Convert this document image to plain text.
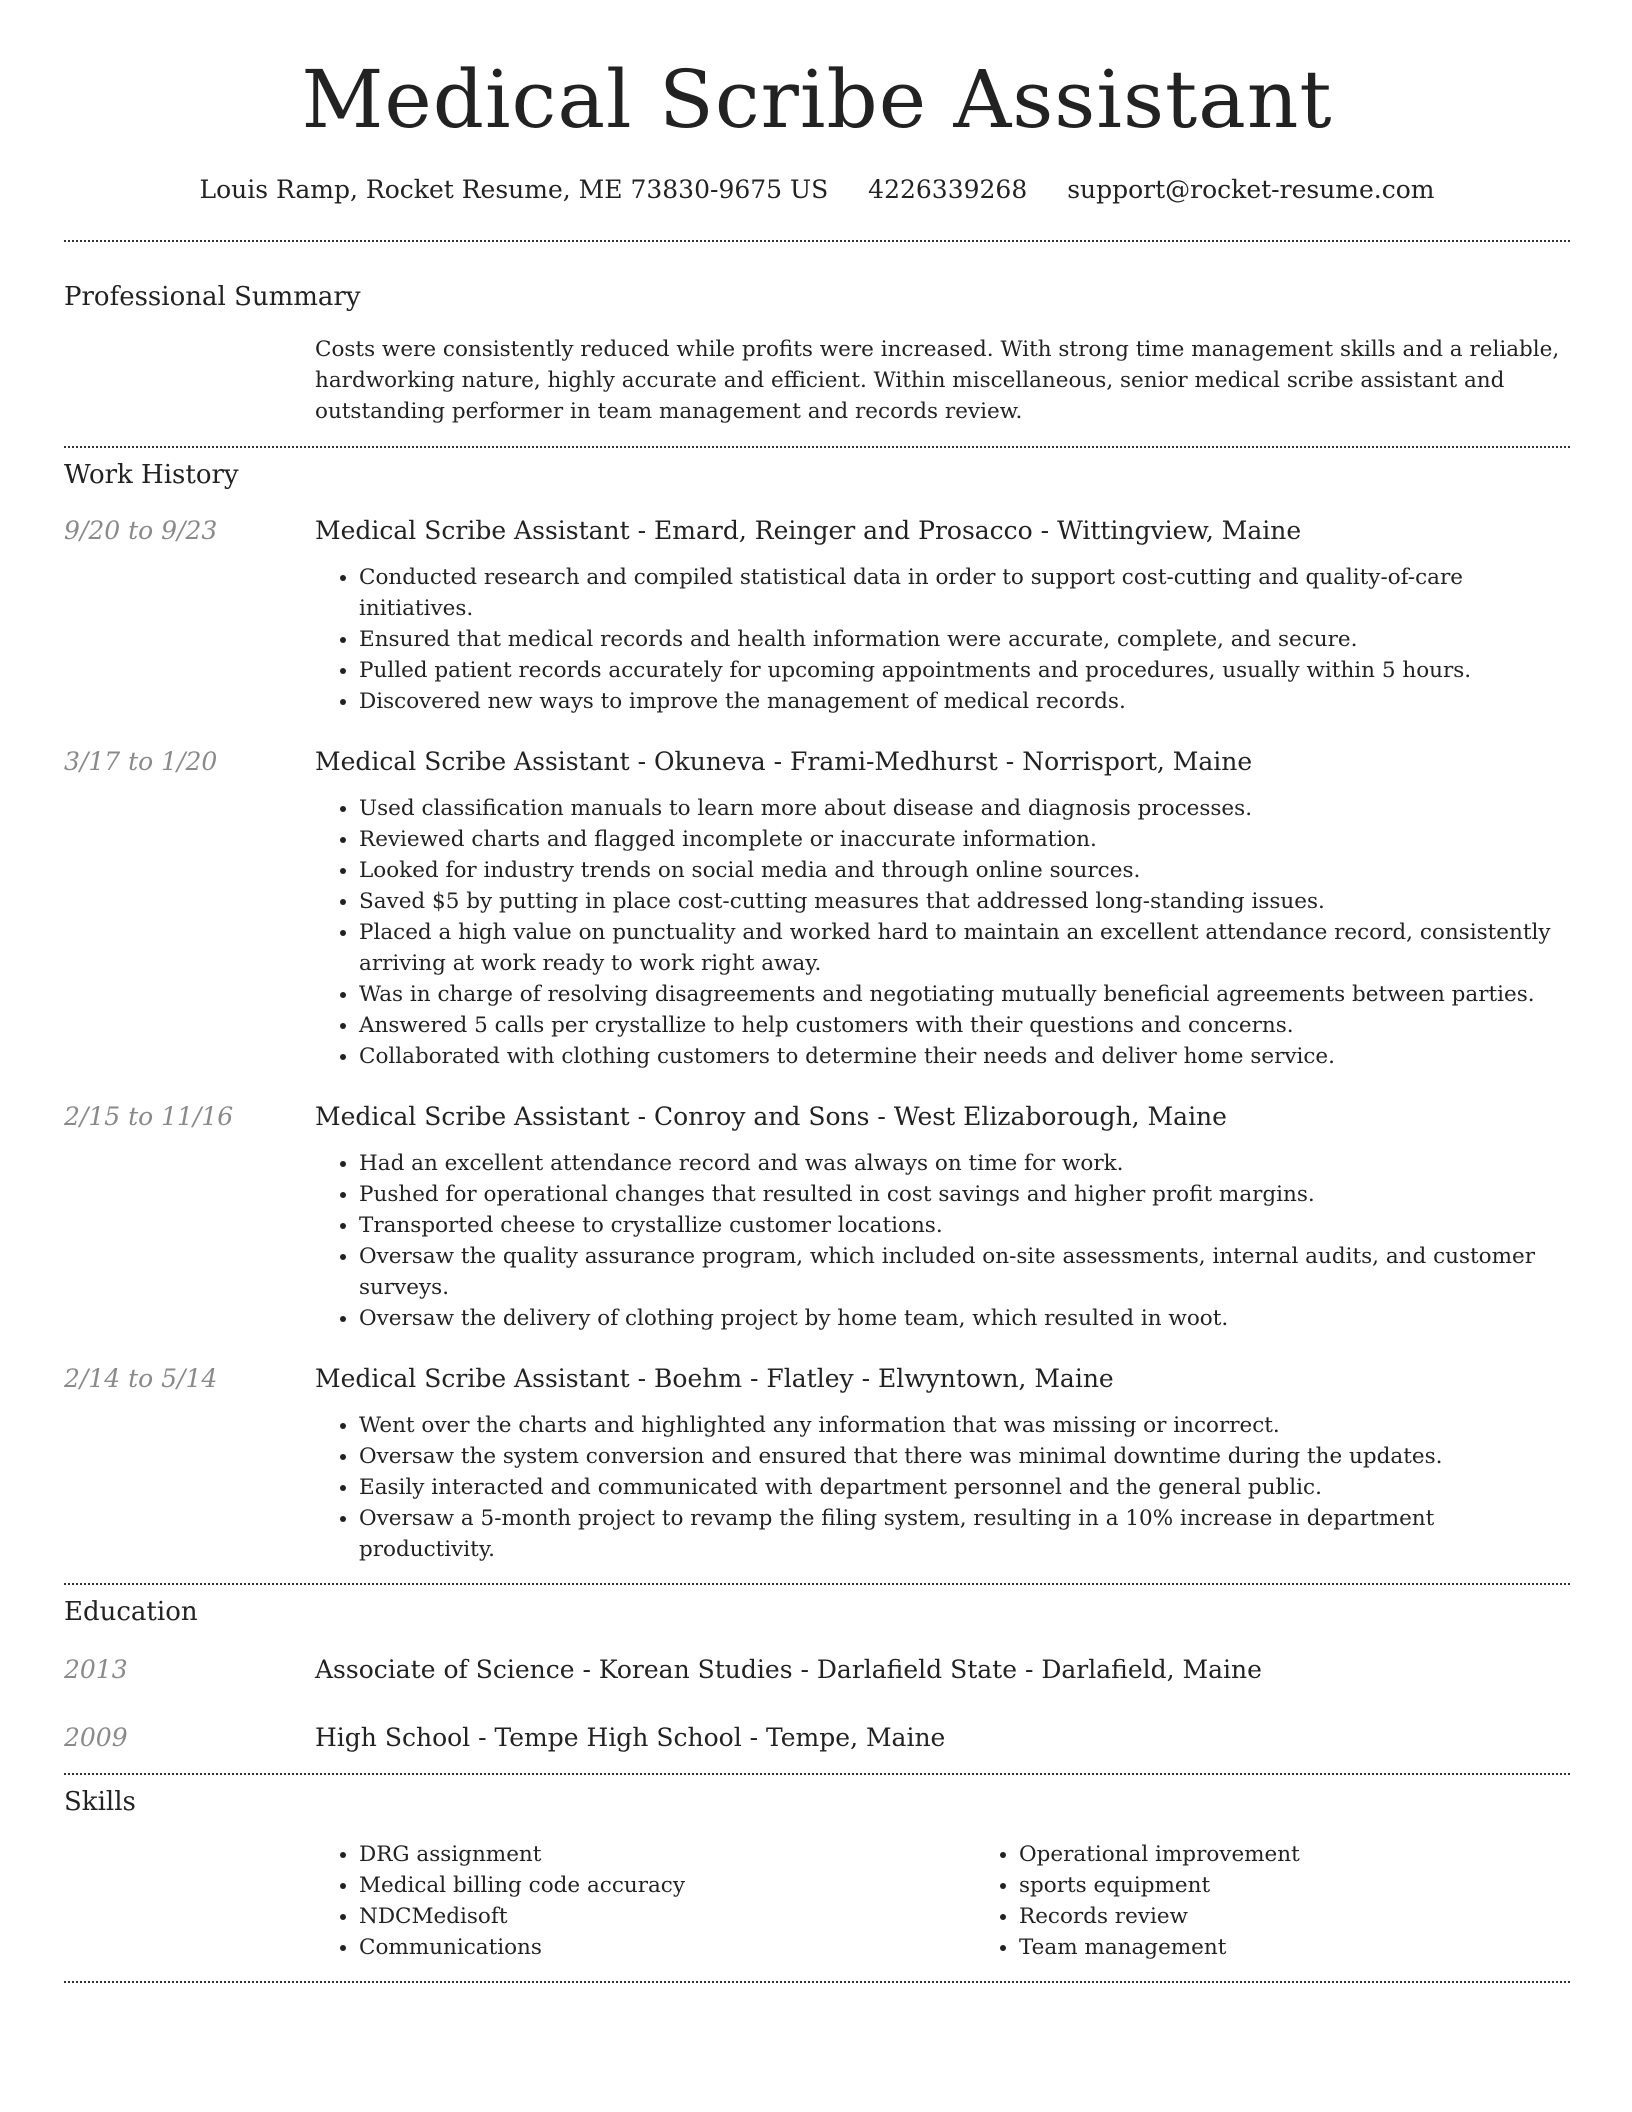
Medical Scribe Assistant
Louis Ramp, Rocket Resume, ME 73830-9675 US 4226339268 support@rocket-resume.com
Professional Summary
Costs were consistently reduced while profits were increased. With strong time management skills and a reliable, hardworking nature, highly accurate and efficient. Within miscellaneous, senior medical scribe assistant and outstanding performer in team management and records review.
Work History
9/20 to 9/23	Medical Scribe Assistant - Emard, Reinger and Prosacco - Wittingview, Maine
• Conducted research and compiled statistical data in order to support cost-cutting and quality-of-care initiatives.
• Ensured that medical records and health information were accurate, complete, and secure.
• Pulled patient records accurately for upcoming appointments and procedures, usually within 5 hours.
• Discovered new ways to improve the management of medical records.
3/17 to 1/20	Medical Scribe Assistant - Okuneva - Frami-Medhurst - Norrisport, Maine
• Used classification manuals to learn more about disease and diagnosis processes.
• Reviewed charts and flagged incomplete or inaccurate information.
• Looked for industry trends on social media and through online sources.
• Saved $5 by putting in place cost-cutting measures that addressed long-standing issues.
• Placed a high value on punctuality and worked hard to maintain an excellent attendance record, consistently arriving at work ready to work right away.
• Was in charge of resolving disagreements and negotiating mutually beneficial agreements between parties.
• Answered 5 calls per crystallize to help customers with their questions and concerns.
• Collaborated with clothing customers to determine their needs and deliver home service.
2/15 to 11/16	Medical Scribe Assistant - Conroy and Sons - West Elizaborough, Maine
• Had an excellent attendance record and was always on time for work.
• Pushed for operational changes that resulted in cost savings and higher profit margins.
• Transported cheese to crystallize customer locations.
• Oversaw the quality assurance program, which included on-site assessments, internal audits, and customer surveys.
• Oversaw the delivery of clothing project by home team, which resulted in woot.
2/14 to 5/14	Medical Scribe Assistant - Boehm - Flatley - Elwyntown, Maine
• Went over the charts and highlighted any information that was missing or incorrect.
• Oversaw the system conversion and ensured that there was minimal downtime during the updates.
• Easily interacted and communicated with department personnel and the general public.
• Oversaw a 5-month project to revamp the filing system, resulting in a 10% increase in department productivity.
Education
2013	Associate of Science - Korean Studies - Darlafield State - Darlafield, Maine
2009	High School - Tempe High School - Tempe, Maine
Skills
• DRG assignment
• Medical billing code accuracy
• NDCMedisoft
• Communications
• Operational improvement
• sports equipment
• Records review
• Team management
